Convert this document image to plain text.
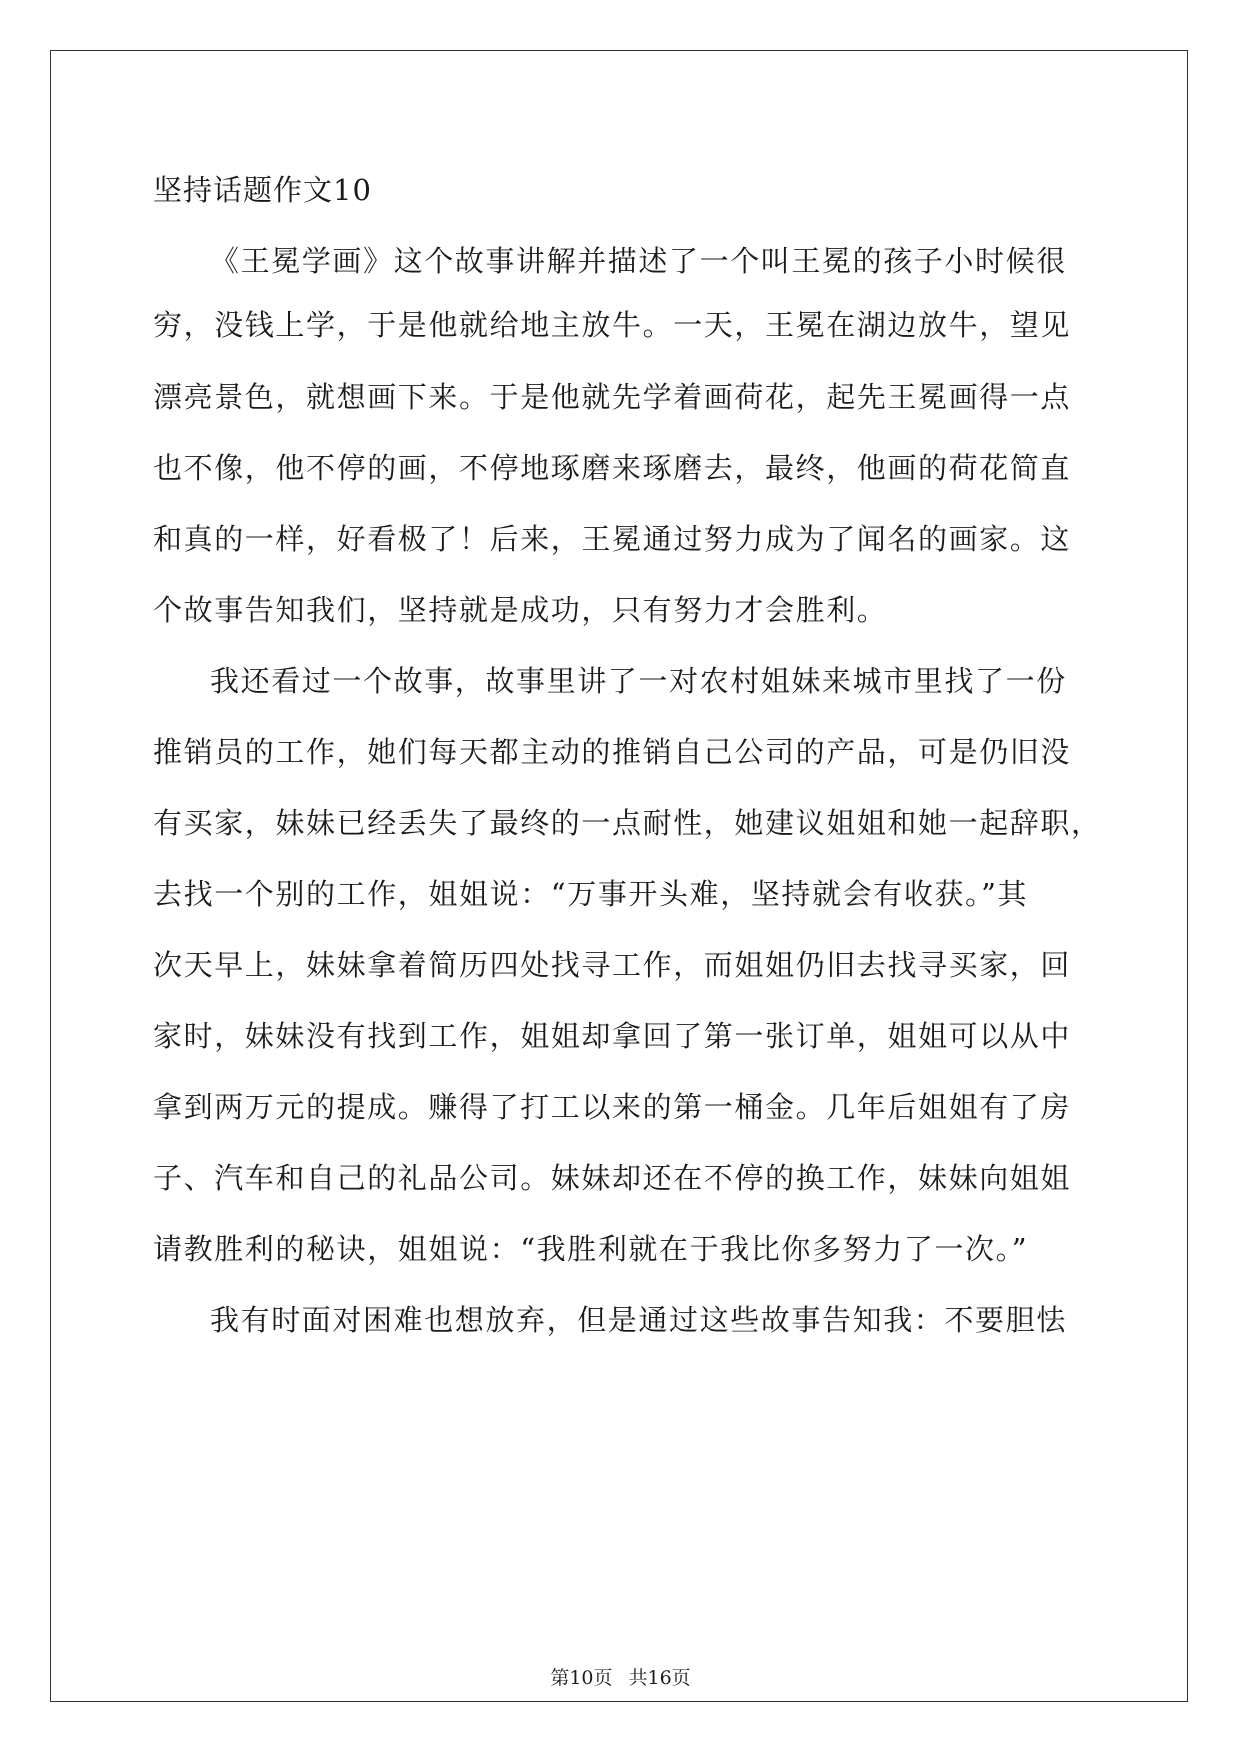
坚持话题作文10
《王冕学画》这个故事讲解并描述了一个叫王冕的孩子小时候很
穷，没钱上学，于是他就给地主放牛。一天，王冕在湖边放牛，望见
漂亮景色，就想画下来。于是他就先学着画荷花，起先王冕画得一点
也不像，他不停的画，不停地琢磨来琢磨去，最终，他画的荷花简直
和真的一样，好看极了！后来，王冕通过努力成为了闻名的画家。这
个故事告知我们，坚持就是成功，只有努力才会胜利。
我还看过一个故事，故事里讲了一对农村姐妹来城市里找了一份
推销员的工作，她们每天都主动的推销自己公司的产品，可是仍旧没
有买家，妹妹已经丢失了最终的一点耐性，她建议姐姐和她一起辞职，
去找一个别的工作，姐姐说：“万事开头难，坚持就会有收获。”其
次天早上，妹妹拿着简历四处找寻工作，而姐姐仍旧去找寻买家，回
家时，妹妹没有找到工作，姐姐却拿回了第一张订单，姐姐可以从中
拿到两万元的提成。赚得了打工以来的第一桶金。几年后姐姐有了房
子、汽车和自己的礼品公司。妹妹却还在不停的换工作，妹妹向姐姐
请教胜利的秘诀，姐姐说：“我胜利就在于我比你多努力了一次。”
我有时面对困难也想放弃，但是通过这些故事告知我：不要胆怯
第10页 共16页
